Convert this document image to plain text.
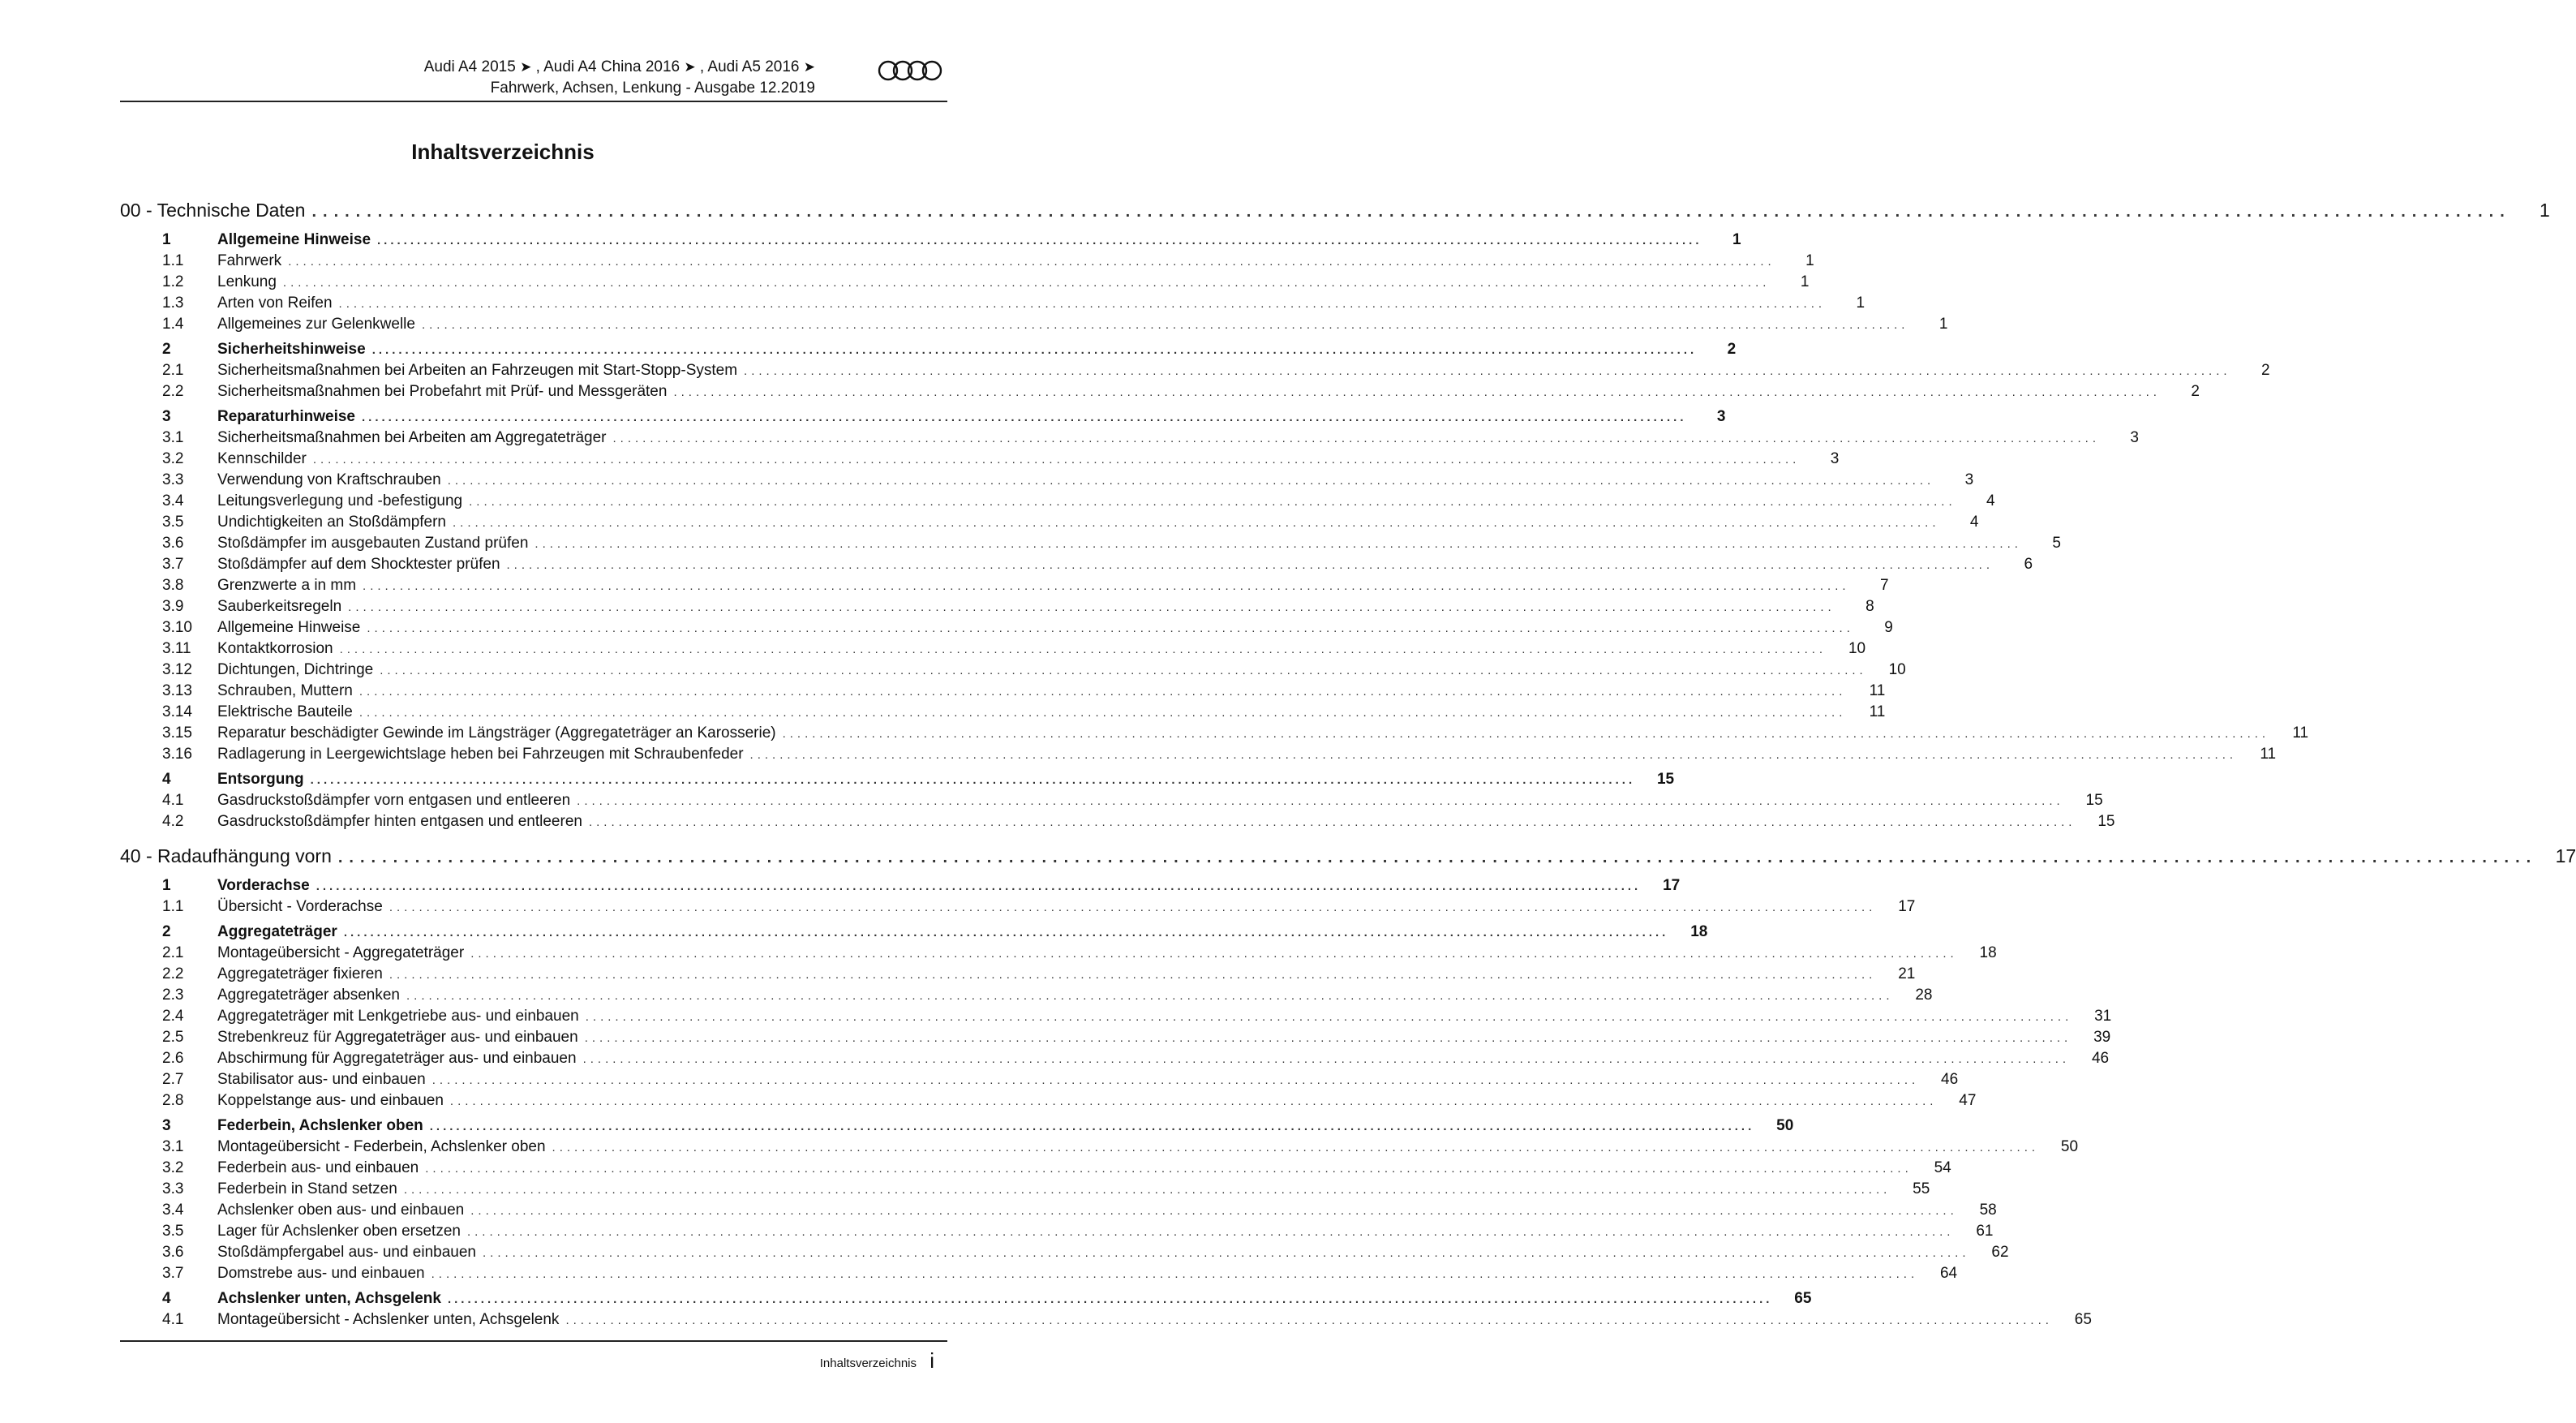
Audi A4 2015 ➤ , Audi A4 China 2016 ➤ , Audi A5 2016 ➤
Fahrwerk, Achsen, Lenkung - Ausgabe 12.2019
Inhaltsverzeichnis
00 - Technische Daten ........................................................................................................................................................................................................	1
1	Allgemeine Hinweise ........................................................................................................................................................................................................	1
1.1	Fahrwerk ........................................................................................................................................................................................................	1
1.2	Lenkung ........................................................................................................................................................................................................	1
1.3	Arten von Reifen ........................................................................................................................................................................................................	1
1.4	Allgemeines zur Gelenkwelle ........................................................................................................................................................................................................	1
2	Sicherheitshinweise ........................................................................................................................................................................................................	2
2.1	Sicherheitsmaßnahmen bei Arbeiten an Fahrzeugen mit Start-Stopp-System ........................................................................................................................................................................................................	2
2.2	Sicherheitsmaßnahmen bei Probefahrt mit Prüf- und Messgeräten ........................................................................................................................................................................................................	2
3	Reparaturhinweise ........................................................................................................................................................................................................	3
3.1	Sicherheitsmaßnahmen bei Arbeiten am Aggregateträger ........................................................................................................................................................................................................	3
3.2	Kennschilder ........................................................................................................................................................................................................	3
3.3	Verwendung von Kraftschrauben ........................................................................................................................................................................................................	3
3.4	Leitungsverlegung und -befestigung ........................................................................................................................................................................................................	4
3.5	Undichtigkeiten an Stoßdämpfern ........................................................................................................................................................................................................	4
3.6	Stoßdämpfer im ausgebauten Zustand prüfen ........................................................................................................................................................................................................	5
3.7	Stoßdämpfer auf dem Shocktester prüfen ........................................................................................................................................................................................................	6
3.8	Grenzwerte a in mm ........................................................................................................................................................................................................	7
3.9	Sauberkeitsregeln ........................................................................................................................................................................................................	8
3.10	Allgemeine Hinweise ........................................................................................................................................................................................................	9
3.11	Kontaktkorrosion ........................................................................................................................................................................................................	10
3.12	Dichtungen, Dichtringe ........................................................................................................................................................................................................	10
3.13	Schrauben, Muttern ........................................................................................................................................................................................................	11
3.14	Elektrische Bauteile ........................................................................................................................................................................................................	11
3.15	Reparatur beschädigter Gewinde im Längsträger (Aggregateträger an Karosserie) ........................................................................................................................................................................................................	11
3.16	Radlagerung in Leergewichtslage heben bei Fahrzeugen mit Schraubenfeder ........................................................................................................................................................................................................	11
4	Entsorgung ........................................................................................................................................................................................................	15
4.1	Gasdruckstoßdämpfer vorn entgasen und entleeren ........................................................................................................................................................................................................	15
4.2	Gasdruckstoßdämpfer hinten entgasen und entleeren ........................................................................................................................................................................................................	15
40 - Radaufhängung vorn ........................................................................................................................................................................................................ 17
1	Vorderachse ........................................................................................................................................................................................................	17
1.1	Übersicht - Vorderachse ........................................................................................................................................................................................................	17
2	Aggregateträger ........................................................................................................................................................................................................	18
2.1	Montageübersicht - Aggregateträger ........................................................................................................................................................................................................	18
2.2	Aggregateträger fixieren ........................................................................................................................................................................................................	21
2.3	Aggregateträger absenken ........................................................................................................................................................................................................	28
2.4	Aggregateträger mit Lenkgetriebe aus- und einbauen ........................................................................................................................................................................................................	31
2.5	Strebenkreuz für Aggregateträger aus- und einbauen ........................................................................................................................................................................................................	39
2.6	Abschirmung für Aggregateträger aus- und einbauen ........................................................................................................................................................................................................	46
2.7	Stabilisator aus- und einbauen ........................................................................................................................................................................................................	46
2.8	Koppelstange aus- und einbauen ........................................................................................................................................................................................................	47
3	Federbein, Achslenker oben ........................................................................................................................................................................................................	50
3.1	Montageübersicht - Federbein, Achslenker oben ........................................................................................................................................................................................................	50
3.2	Federbein aus- und einbauen ........................................................................................................................................................................................................	54
3.3	Federbein in Stand setzen ........................................................................................................................................................................................................	55
3.4	Achslenker oben aus- und einbauen ........................................................................................................................................................................................................	58
3.5	Lager für Achslenker oben ersetzen ........................................................................................................................................................................................................	61
3.6	Stoßdämpfergabel aus- und einbauen ........................................................................................................................................................................................................	62
3.7	Domstrebe aus- und einbauen ........................................................................................................................................................................................................	64
4	Achslenker unten, Achsgelenk ........................................................................................................................................................................................................	65
4.1	Montageübersicht - Achslenker unten, Achsgelenk ........................................................................................................................................................................................................	65
Inhaltsverzeichnis i
